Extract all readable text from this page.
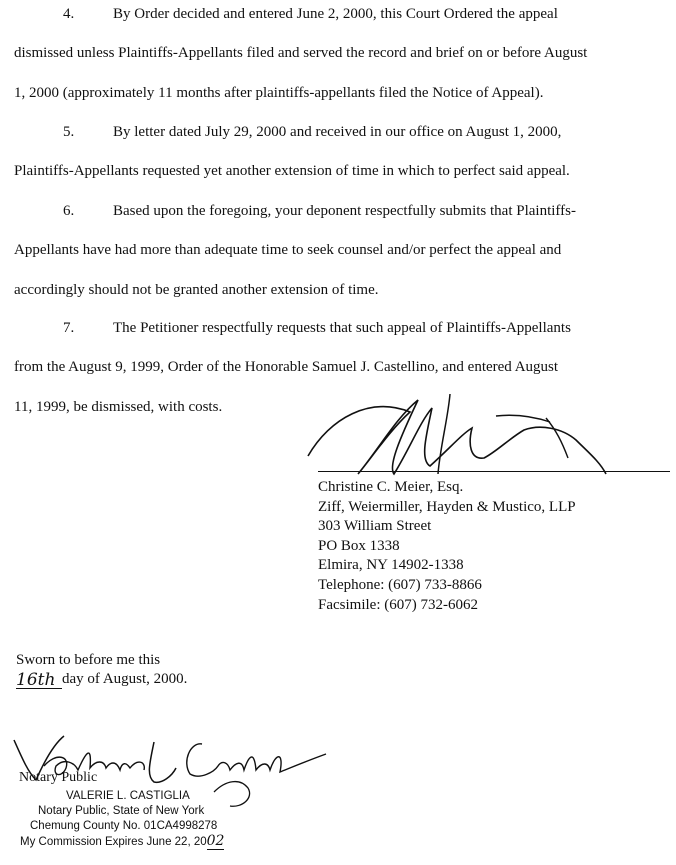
4.	By Order decided and entered June 2, 2000, this Court Ordered the appeal
dismissed unless Plaintiffs-Appellants filed and served the record and brief on or before August
1, 2000 (approximately 11 months after plaintiffs-appellants filed the Notice of Appeal).
5.	By letter dated July 29, 2000 and received in our office on August 1, 2000,
Plaintiffs-Appellants requested yet another extension of time in which to perfect said appeal.
6.	Based upon the foregoing, your deponent respectfully submits that Plaintiffs-
Appellants have had more than adequate time to seek counsel and/or perfect the appeal and
accordingly should not be granted another extension of time.
7.	The Petitioner respectfully requests that such appeal of Plaintiffs-Appellants
from the August 9, 1999, Order of the Honorable Samuel J. Castellino, and entered August
11, 1999, be dismissed, with costs.
Christine C. Meier, Esq.
Ziff, Weiermiller, Hayden & Mustico, LLP
303 William Street
PO Box 1338
Elmira, NY 14902-1338
Telephone: (607) 733-8866
Facsimile: (607) 732-6062
Sworn to before me this
16th day of August, 2000.
Notary Public
VALERIE L. CASTIGLIA
Notary Public, State of New York
Chemung County No. 01CA4998278
My Commission Expires June 22, 2002
